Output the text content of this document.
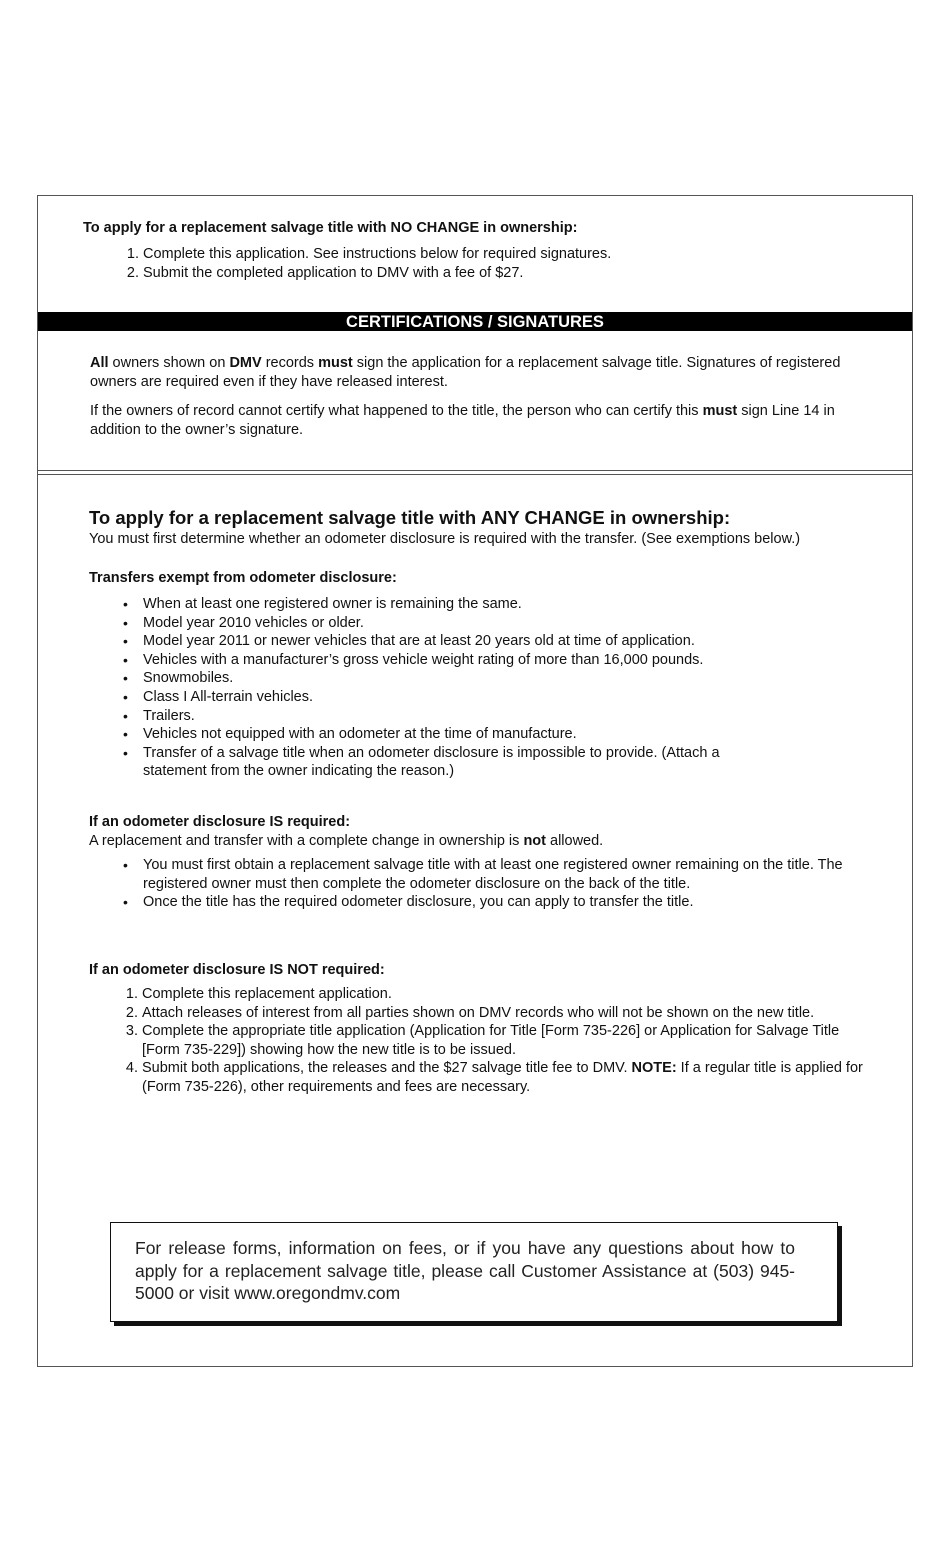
To apply for a replacement salvage title with NO CHANGE in ownership:
1. Complete this application. See instructions below for required signatures.
2. Submit the completed application to DMV with a fee of $27.
CERTIFICATIONS / SIGNATURES
All owners shown on DMV records must sign the application for a replacement salvage title. Signatures of registered owners are required even if they have released interest.
If the owners of record cannot certify what happened to the title, the person who can certify this must sign Line 14 in addition to the owner’s signature.
To apply for a replacement salvage title with ANY CHANGE in ownership:
You must first determine whether an odometer disclosure is required with the transfer. (See exemptions below.)
Transfers exempt from odometer disclosure:
• When at least one registered owner is remaining the same.
• Model year 2010 vehicles or older.
• Model year 2011 or newer vehicles that are at least 20 years old at time of application.
• Vehicles with a manufacturer’s gross vehicle weight rating of more than 16,000 pounds.
• Snowmobiles.
• Class I All-terrain vehicles.
• Trailers.
• Vehicles not equipped with an odometer at the time of manufacture.
• Transfer of a salvage title when an odometer disclosure is impossible to provide. (Attach a statement from the owner indicating the reason.)
If an odometer disclosure IS required:
A replacement and transfer with a complete change in ownership is not allowed.
• You must first obtain a replacement salvage title with at least one registered owner remaining on the title. The registered owner must then complete the odometer disclosure on the back of the title.
• Once the title has the required odometer disclosure, you can apply to transfer the title.
If an odometer disclosure IS NOT required:
1. Complete this replacement application.
2. Attach releases of interest from all parties shown on DMV records who will not be shown on the new title.
3. Complete the appropriate title application (Application for Title [Form 735-226] or Application for Salvage Title [Form 735-229]) showing how the new title is to be issued.
4. Submit both applications, the releases and the $27 salvage title fee to DMV. NOTE: If a regular title is applied for (Form 735-226), other requirements and fees are necessary.
For release forms, information on fees, or if you have any questions about how to apply for a replacement salvage title, please call Customer Assistance at (503) 945-5000 or visit www.oregondmv.com
